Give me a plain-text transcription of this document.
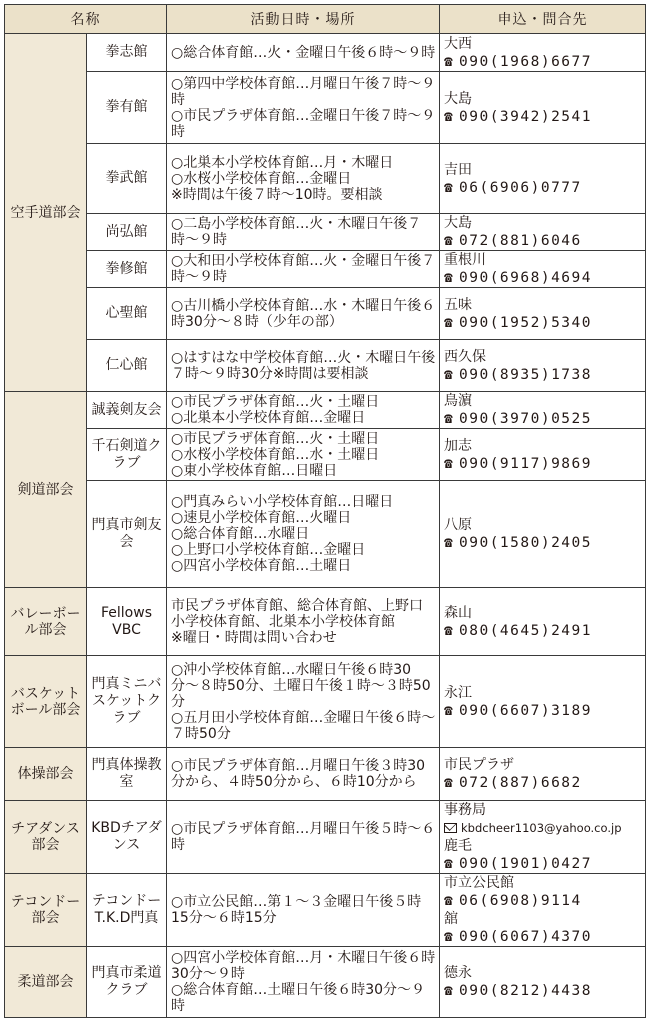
名称		活動日時・場所	申込・問合先
空手道部会	拳志館	○総合体育館…火・金曜日午後６時〜９時	大西
☎ 090(1968)6677

	拳有館	○第四中学校体育館…月曜日午後７時〜９時
○市民プラザ体育館…金曜日午後７時〜９時	大島
☎ 090(3942)2541

	拳武館	○北巣本小学校体育館…月・木曜日
○水桜小学校体育館…金曜日
※時間は午後７時〜10時。要相談	吉田
☎ 06(6906)0777

	尚弘館	○二島小学校体育館…火・木曜日午後７時〜９時	大島
☎ 072(881)6046

	拳修館	○大和田小学校体育館…火・金曜日午後７時〜９時	重根川
☎ 090(6968)4694

	心聖館	○古川橋小学校体育館…水・木曜日午後６時30分〜８時（少年の部）	五味
☎ 090(1952)5340

	仁心館	○はすはな中学校体育館…火・木曜日午後７時〜９時30分※時間は要相談	西久保
☎ 090(8935)1738

剣道部会	誠義剣友会	○市民プラザ体育館…火・土曜日
○北巣本小学校体育館…金曜日	鳥濵
☎ 090(3970)0525

	千石剣道クラブ	○市民プラザ体育館…火・土曜日
○水桜小学校体育館…水・土曜日
○東小学校体育館…日曜日	加志
☎ 090(9117)9869

	門真市剣友会	○門真みらい小学校体育館…日曜日
○速見小学校体育館…火曜日
○総合体育館…水曜日
○上野口小学校体育館…金曜日
○四宮小学校体育館…土曜日	八原
☎ 090(1580)2405

バレーボール部会	Fellows VBC	市民プラザ体育館、総合体育館、上野口小学校体育館、北巣本小学校体育館
※曜日・時間は問い合わせ	森山
☎ 080(4645)2491

バスケットボール部会	門真ミニバスケットクラブ	○沖小学校体育館…水曜日午後６時30分〜８時50分、土曜日午後１時〜３時50分
○五月田小学校体育館…金曜日午後６時〜７時50分	永江
☎ 090(6607)3189

体操部会	門真体操教室	○市民プラザ体育館…月曜日午後３時30分から、４時50分から、６時10分から	市民プラザ
☎ 072(887)6682

チアダンス部会	KBDチアダンス	○市民プラザ体育館…月曜日午後５時〜６時	事務局
kbdcheer1103@yahoo.co.jp
鹿毛
☎ 090(1901)0427

テコンドー部会	テコンドーT.K.D門真	○市立公民館…第１〜３金曜日午後５時15分〜６時15分	市立公民館
☎ 06(6908)9114
舘
☎ 090(6067)4370

柔道部会	門真市柔道クラブ	○四宮小学校体育館…月・木曜日午後６時30分〜９時
○総合体育館…土曜日午後６時30分〜９時	德永
☎ 090(8212)4438
